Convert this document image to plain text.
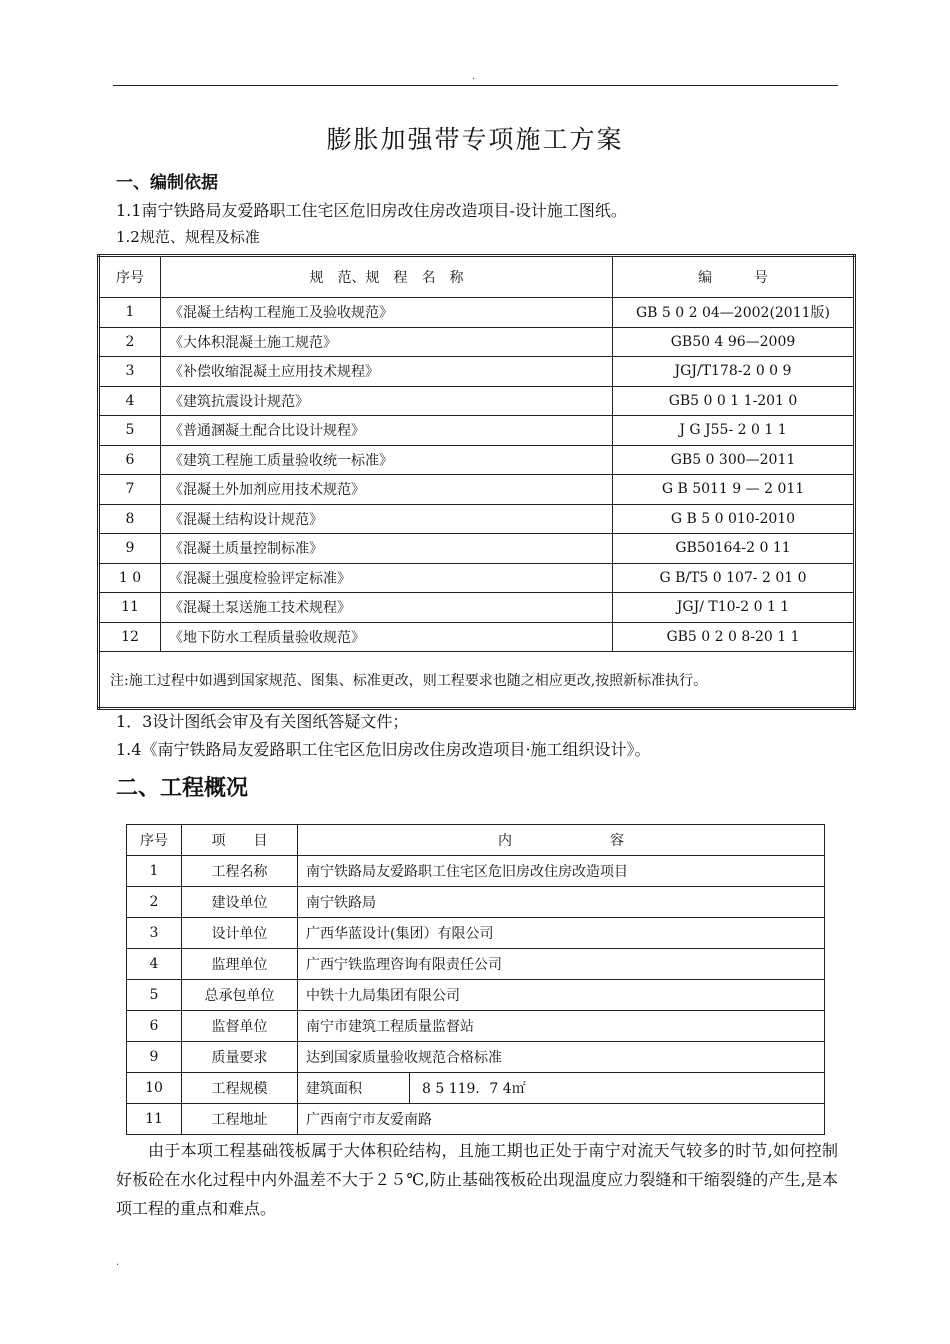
.
膨胀加强带专项施工方案
一、编制依据
1.1南宁铁路局友爱路职工住宅区危旧房改住房改造项目-设计施工图纸。
1.2规范、规程及标准
序号	规　范、规　程　名　称	编　　　号
1	《混凝土结构工程施工及验收规范》	GB 5 0 2 04—2002(2011版)
2	《大体积混凝土施工规范》	GB50 4 96—2009
3	《补偿收缩混凝土应用技术规程》	JGJ/T178-2 0 0 9
4	《建筑抗震设计规范》	GB5 0 0 1 1-201 0
5	《普通溷凝土配合比设计规程》	J G J55- 2 0 1 1
6	《建筑工程施工质量验收统一标准》	GB5 0 300—2011
7	《混凝土外加剂应用技术规范》	G B 5011 9 — 2 011
8	《混凝土结构设计规范》	G B 5 0 010-2010
9	《混凝土质量控制标准》	GB50164-2 0 11
1 0	《混凝土强度检验评定标准》	G B/T5 0 107- 2 01 0
11	《混凝土泵送施工技术规程》	JGJ/ T10-2 0 1 1
12	《地下防水工程质量验收规范》	GB5 0 2 0 8-20 1 1
注:施工过程中如遇到国家规范、图集、标准更改，则工程要求也随之相应更改,按照新标准执行。		
1．3设计图纸会审及有关图纸答疑文件；
1.4《南宁铁路局友爱路职工住宅区危旧房改住房改造项目·施工组织设计》。
二、工程概况
序号	项　　目	内　　　　　　　容	
1	工程名称	南宁铁路局友爱路职工住宅区危旧房改住房改造项目	
2	建设单位	南宁铁路局	
3	设计单位	广西华蓝设计(集团）有限公司	
4	监理单位	广西宁铁监理咨询有限责任公司	
5	总承包单位	中铁十九局集团有限公司	
6	监督单位	南宁市建筑工程质量监督站	
9	质量要求	达到国家质量验收规范合格标准	
10	工程规模	建筑面积	8 5 119．7 4㎡
11	工程地址	广西南宁市友爱南路	
由于本项工程基础筏板属于大体积砼结构，且施工期也正处于南宁对流天气较多的时节,如何控制好板砼在水化过程中内外温差不大于２５℃,防止基础筏板砼出现温度应力裂缝和干缩裂缝的产生,是本项工程的重点和难点。
.
